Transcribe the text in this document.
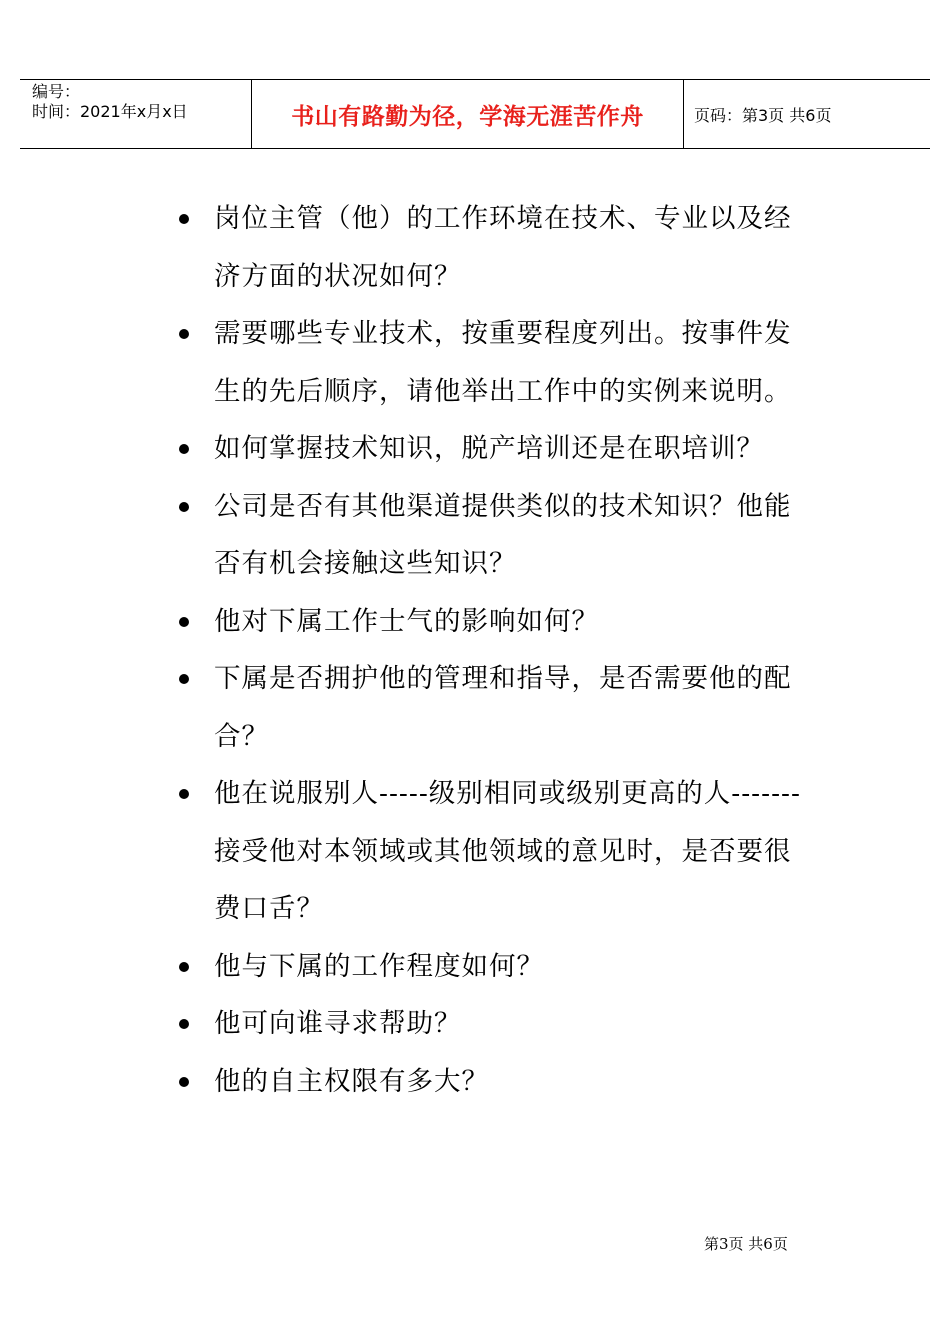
编号：
时间：2021年x月x日	书山有路勤为径，学海无涯苦作舟	页码：第3页 共6页
岗位主管（他）的工作环境在技术、专业以及经济方面的状况如何？
需要哪些专业技术，按重要程度列出。按事件发生的先后顺序，请他举出工作中的实例来说明。
如何掌握技术知识，脱产培训还是在职培训？
公司是否有其他渠道提供类似的技术知识？他能否有机会接触这些知识？
他对下属工作士气的影响如何？
下属是否拥护他的管理和指导，是否需要他的配合？
他在说服别人-----级别相同或级别更高的人-------接受他对本领域或其他领域的意见时，是否要很费口舌？
他与下属的工作程度如何？
他可向谁寻求帮助？
他的自主权限有多大？
第3页 共6页
